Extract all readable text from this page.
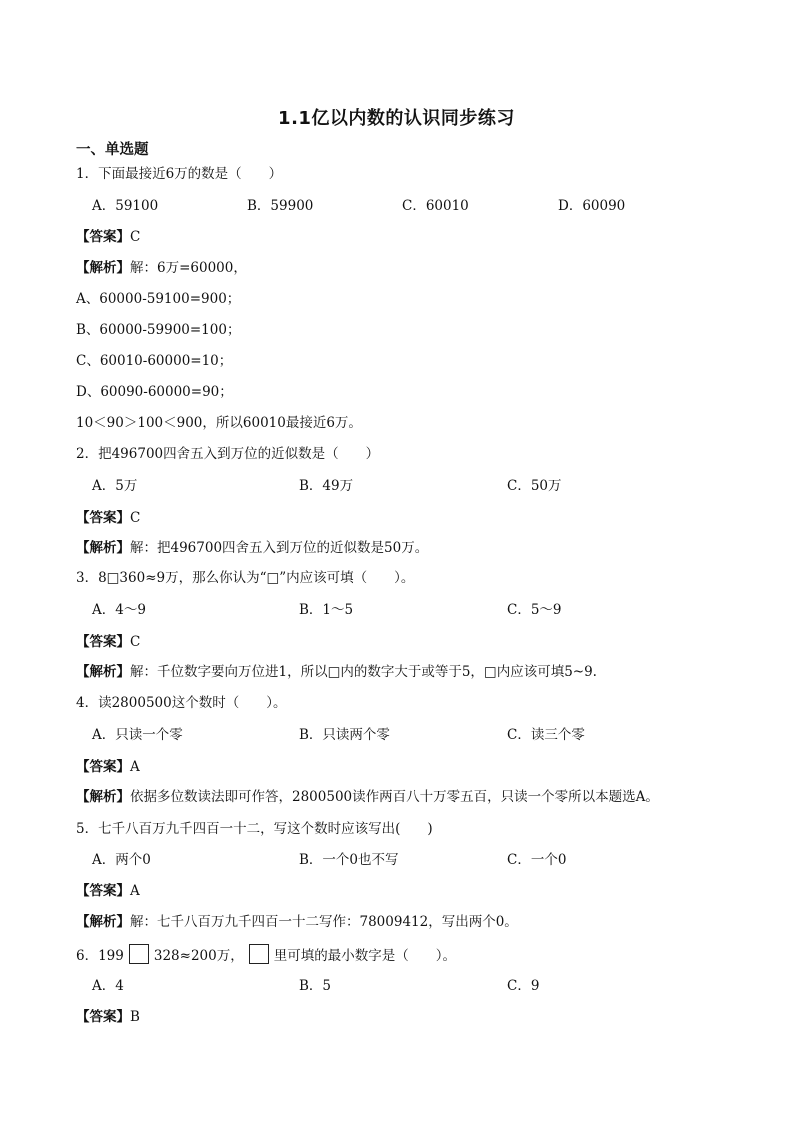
1.1亿以内数的认识同步练习
一、单选题
1．下面最接近6万的数是（　　）
A．59100	B．59900	C．60010	D．60090
【答案】C
【解析】解：6万=60000，
A、60000-59100=900；
B、60000-59900=100；
C、60010-60000=10；
D、60090-60000=90；
10＜90＞100＜900，所以60010最接近6万。
2．把496700四舍五入到万位的近似数是（　　）
A．5万	B．49万	C．50万
【答案】C
【解析】解：把496700四舍五入到万位的近似数是50万。
3．8□360≈9万，那么你认为“□”内应该可填（　　）。
A．4～9	B．1～5	C．5～9
【答案】C
【解析】解：千位数字要向万位进1，所以□内的数字大于或等于5，□内应该可填5~9.
4．读2800500这个数时（　　）。
A．只读一个零	B．只读两个零	C．读三个零
【答案】A
【解析】依据多位数读法即可作答，2800500读作两百八十万零五百，只读一个零所以本题选A。
5．七千八百万九千四百一十二，写这个数时应该写出(　　)
A．两个0	B．一个0也不写	C．一个0
【答案】A
【解析】解：七千八百万九千四百一十二写作：78009412，写出两个0。
6．199 328≈200万， 里可填的最小数字是（　　）。
A．4	B．5	C．9
【答案】B
